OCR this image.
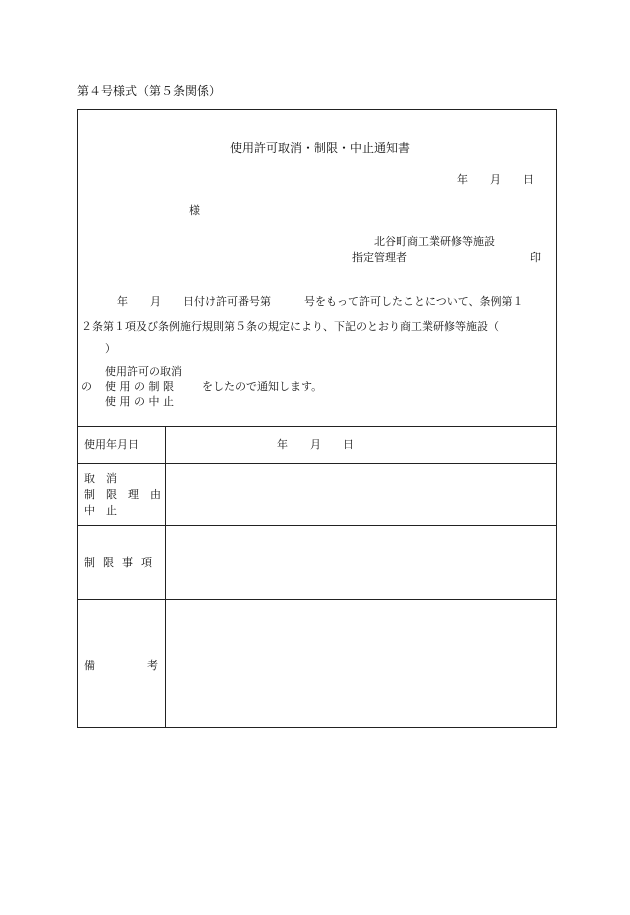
第４号様式（第５条関係）
使用許可取消・制限・中止通知書
年　　月　　日
様
北谷町商工業研修等施設
指定管理者	印
年　　月　　日付け許可番号第　　　号をもって許可したことについて、条例第１
２条第１項及び条例施行規則第５条の規定により、下記のとおり商工業研修等施設（
）
使用許可の取消
の 使 用 の 制 限	をしたので通知します。
使 用 の 中 止
使用年月日	年　　月　　日
取　消
制　限　理　由
中　止
制限事項
備	考
